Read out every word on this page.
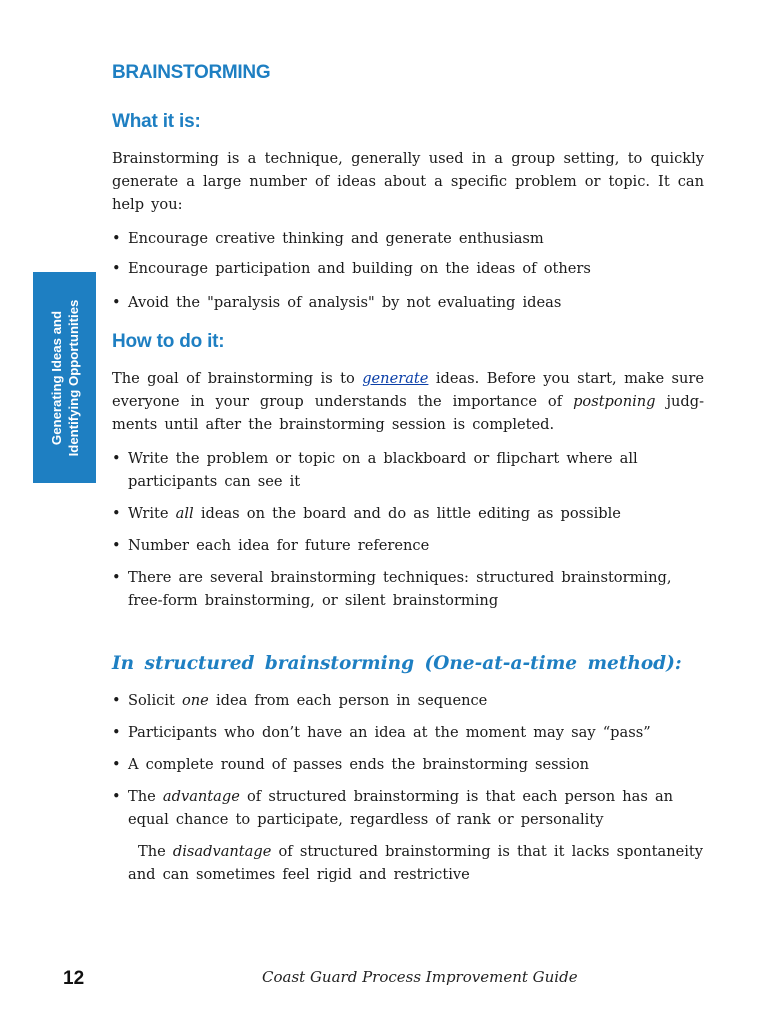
Generating Ideas and Identifying Opportunities
BRAINSTORMING
What it is:

Brainstorming is a technique, generally used in a group setting, to quickly generate a large number of ideas about a specific problem or topic. It can help you:

• Encourage creative thinking and generate enthusiasm
• Encourage participation and building on the ideas of others
• Avoid the "paralysis of analysis" by not evaluating ideas
How to do it:

The goal of brainstorming is to generate ideas. Before you start, make sure everyone in your group understands the importance of postponing judg-ments until after the brainstorming session is completed.

• Write the problem or topic on a blackboard or flipchart where all participants can see it
• Write all ideas on the board and do as little editing as possible
• Number each idea for future reference
• There are several brainstorming techniques: structured brainstorming, free-form brainstorming, or silent brainstorming
In structured brainstorming (One-at-a-time method):
• Solicit one idea from each person in sequence
• Participants who don’t have an idea at the moment may say “pass”
• A complete round of passes ends the brainstorming session
• The advantage of structured brainstorming is that each person has an equal chance to participate, regardless of rank or personality

The disadvantage of structured brainstorming is that it lacks spontaneity and can sometimes feel rigid and restrictive

12	Coast Guard Process Improvement Guide
